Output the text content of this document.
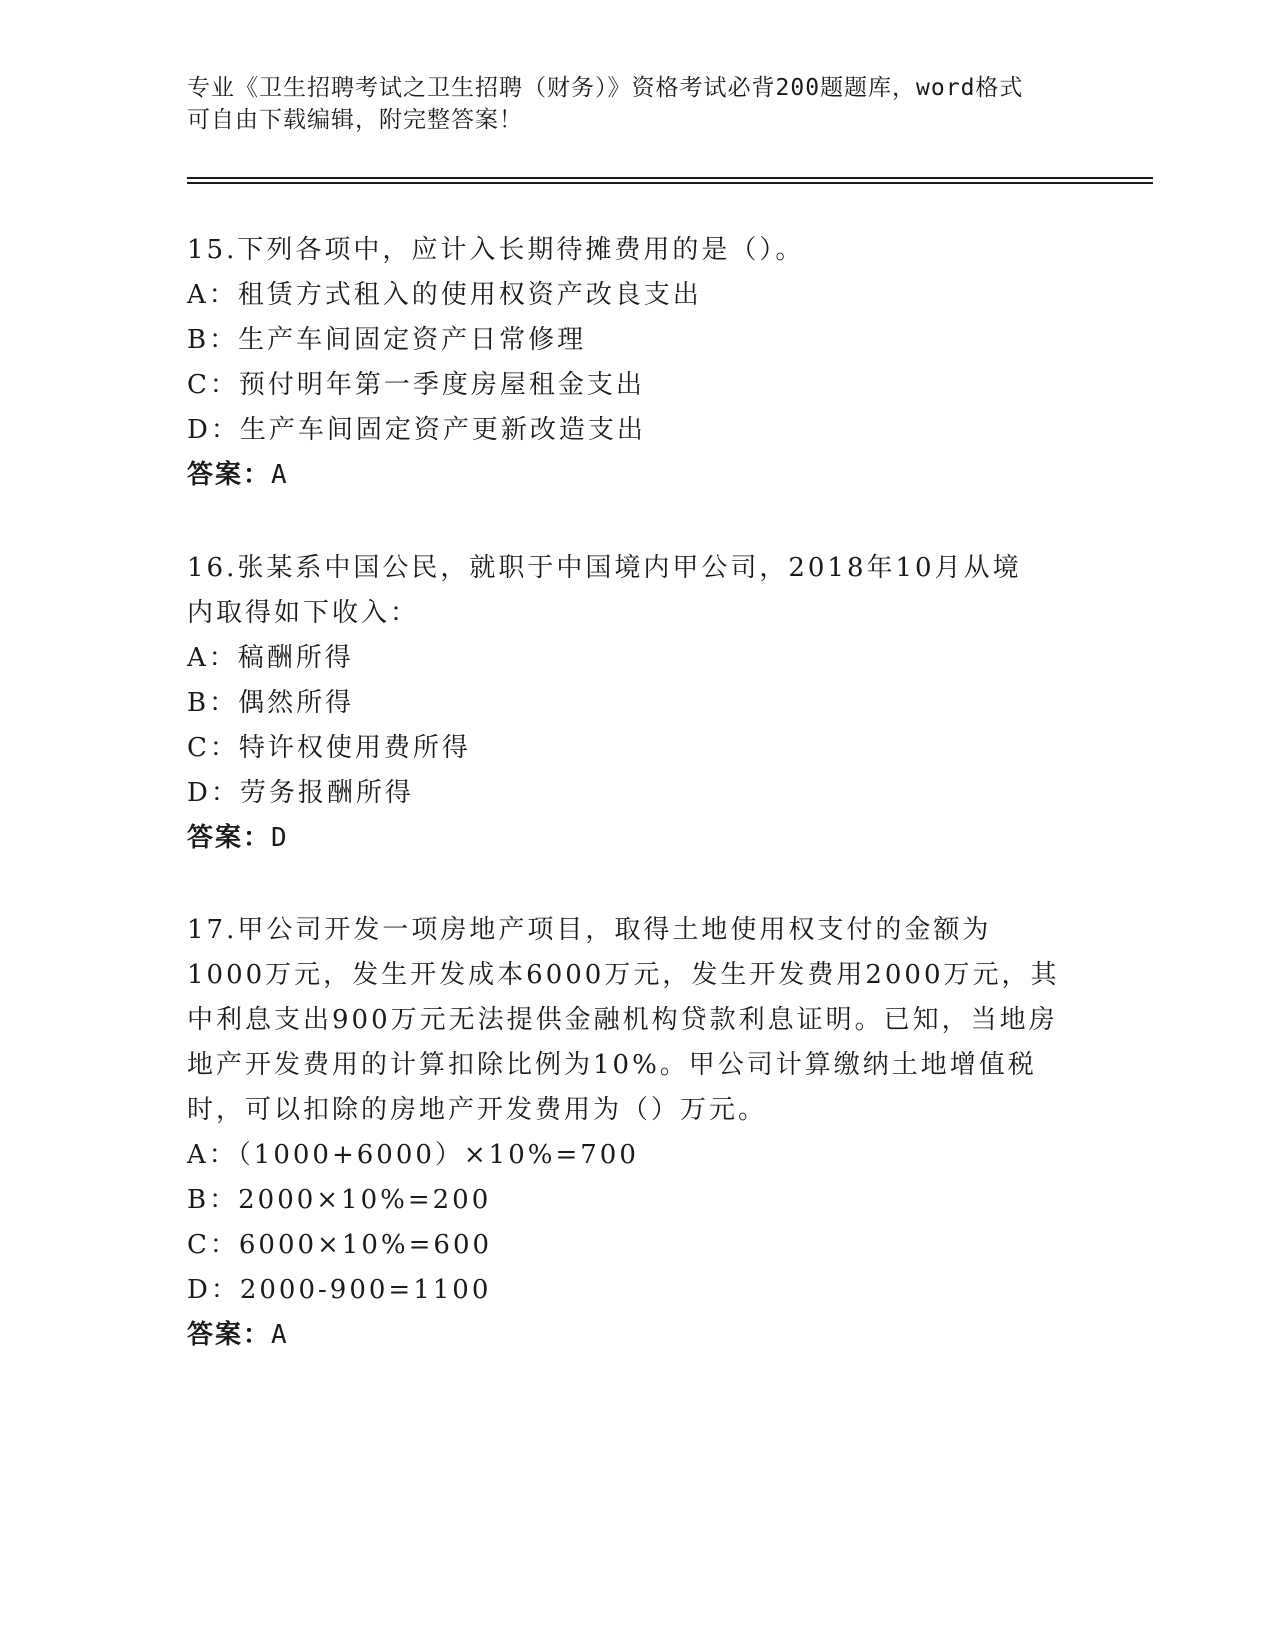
专业《卫生招聘考试之卫生招聘（财务）》资格考试必背200题题库，word格式
可自由下载编辑，附完整答案！
15.下列各项中，应计入长期待摊费用的是（）。
A：租赁方式租入的使用权资产改良支出
B：生产车间固定资产日常修理
C：预付明年第一季度房屋租金支出
D：生产车间固定资产更新改造支出
答案：A
16.张某系中国公民，就职于中国境内甲公司，2018年10月从境内取得如下收入：
A：稿酬所得
B：偶然所得
C：特许权使用费所得
D：劳务报酬所得
答案：D
17.甲公司开发一项房地产项目，取得土地使用权支付的金额为1000万元，发生开发成本6000万元，发生开发费用2000万元，其中利息支出900万元无法提供金融机构贷款利息证明。已知，当地房地产开发费用的计算扣除比例为10%。甲公司计算缴纳土地增值税时，可以扣除的房地产开发费用为（）万元。
A：（1000+6000）×10%=700
B：2000×10%=200
C：6000×10%=600
D：2000-900=1100
答案：A
